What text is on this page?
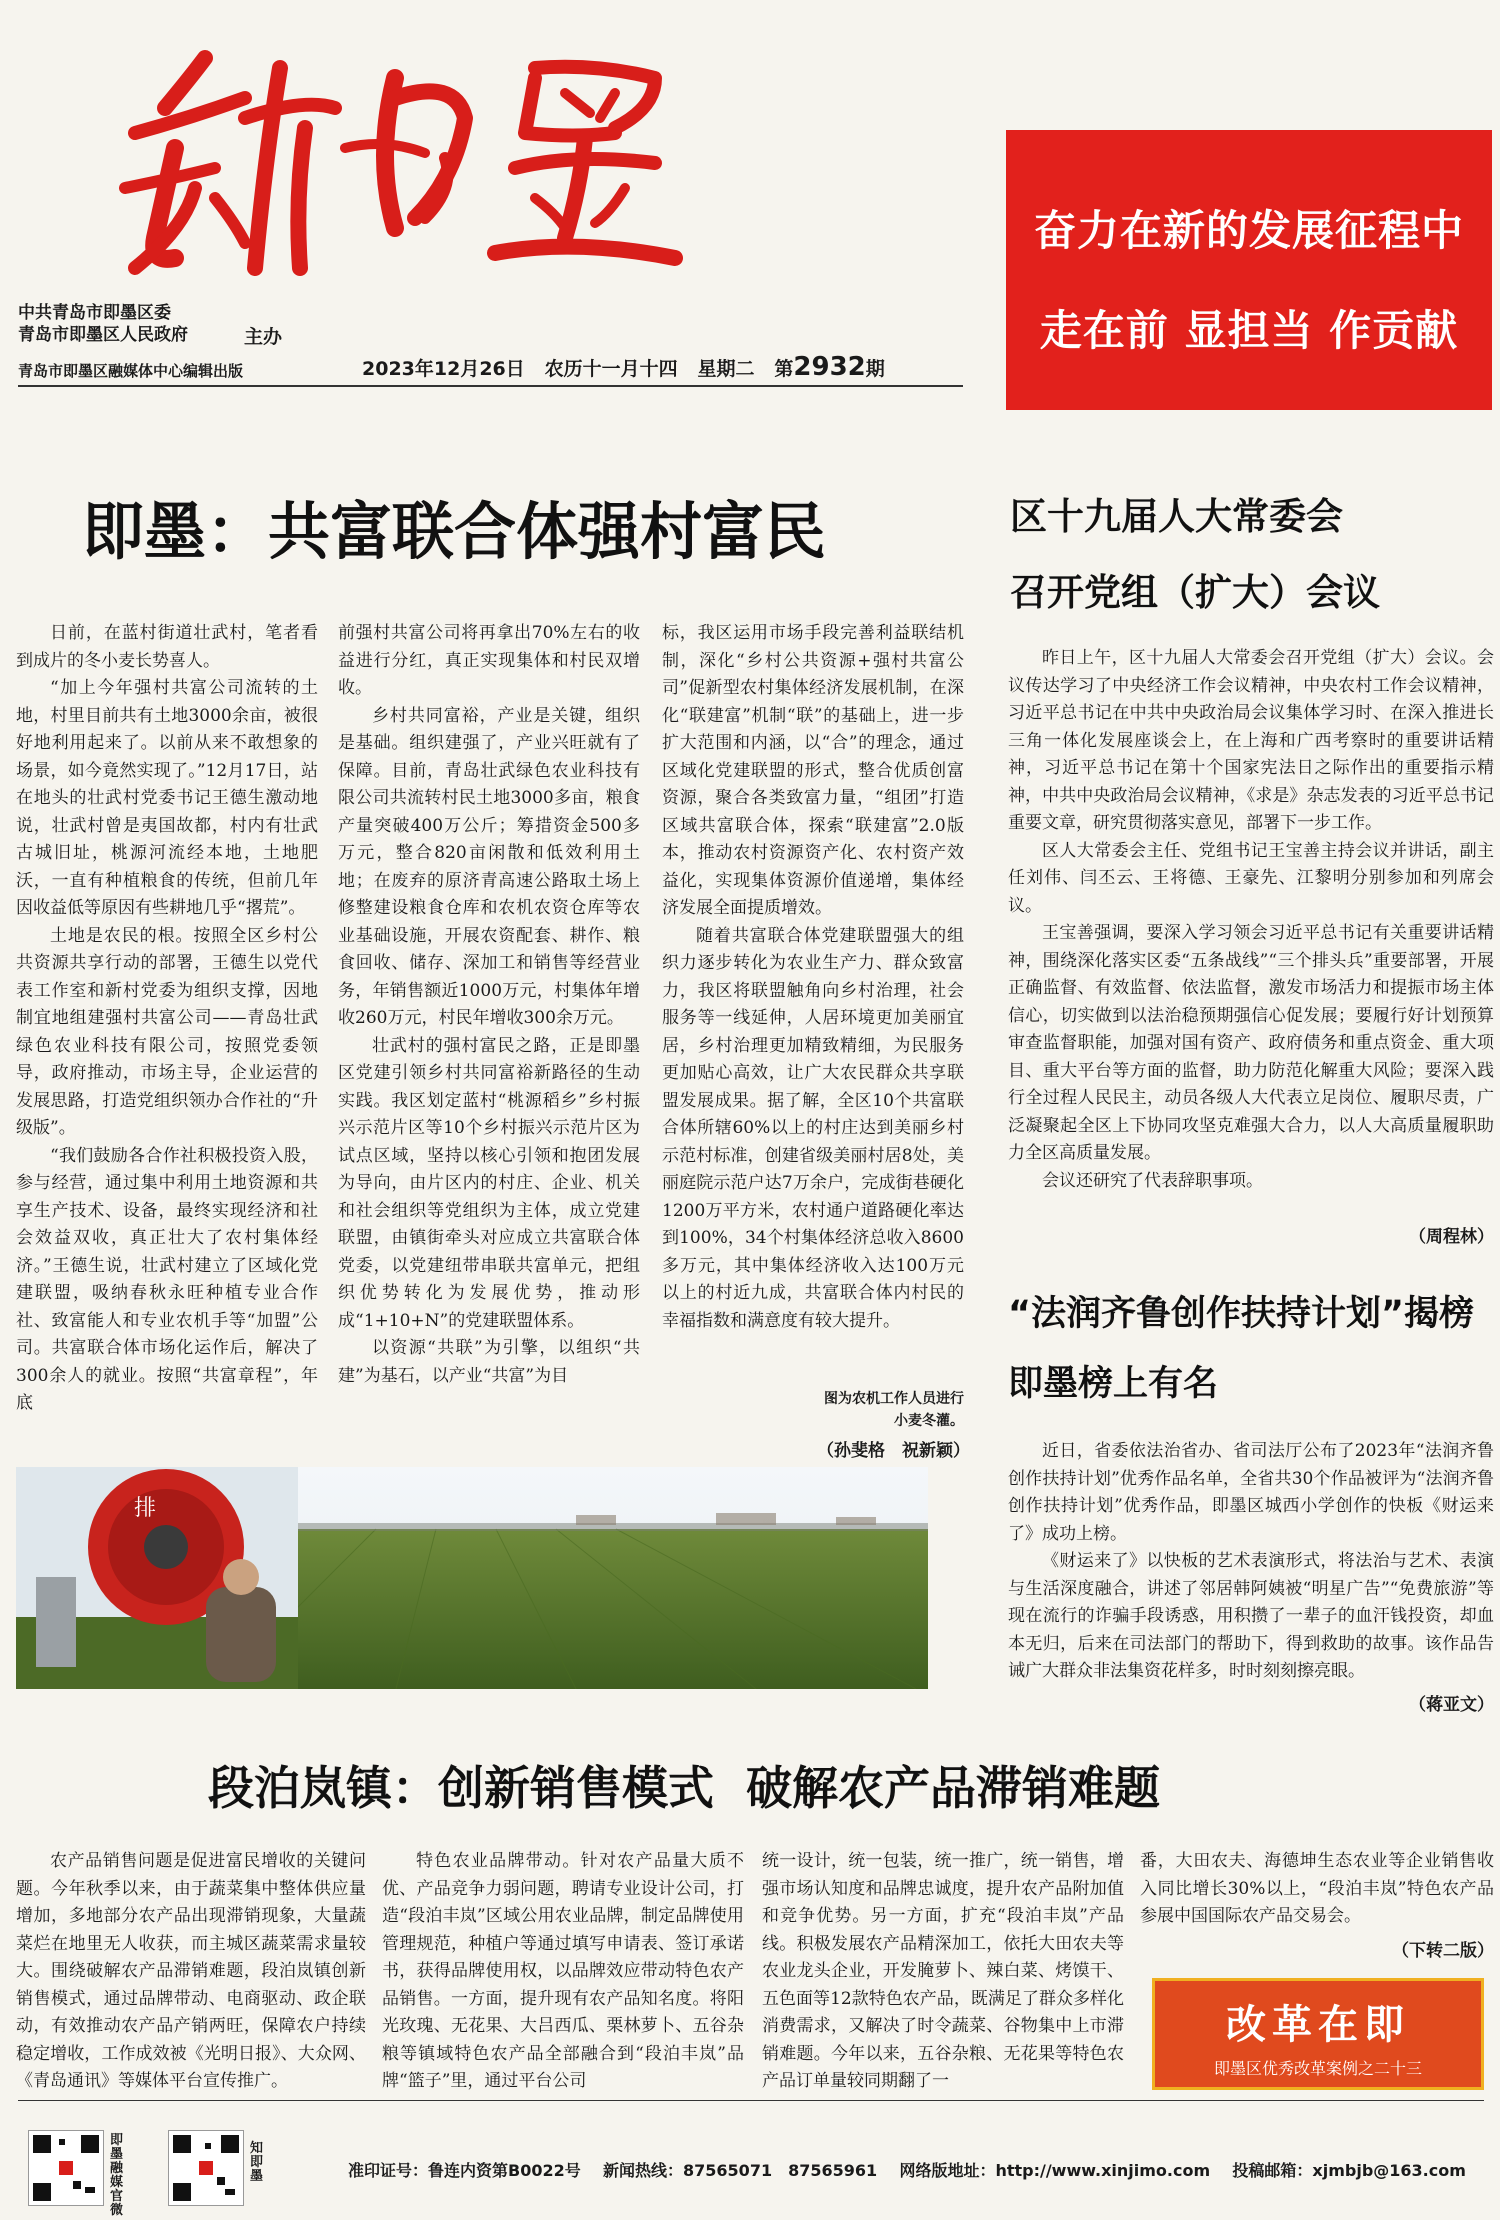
中共青岛市即墨区委
青岛市即墨区人民政府	主办
青岛市即墨区融媒体中心编辑出版	2023年12月26日 农历十一月十四 星期二 第2932期
奋力在新的发展征程中
走在前 显担当 作贡献
即墨：共富联合体强村富民

日前，在蓝村街道壮武村，笔者看到成片的冬小麦长势喜人。

“加上今年强村共富公司流转的土地，村里目前共有土地3000余亩，被很好地利用起来了。以前从来不敢想象的场景，如今竟然实现了。”12月17日，站在地头的壮武村党委书记王德生激动地说，壮武村曾是夷国故都，村内有壮武古城旧址，桃源河流经本地，土地肥沃，一直有种植粮食的传统，但前几年因收益低等原因有些耕地几乎“撂荒”。

土地是农民的根。按照全区乡村公共资源共享行动的部署，王德生以党代表工作室和新村党委为组织支撑，因地制宜地组建强村共富公司——青岛壮武绿色农业科技有限公司，按照党委领导，政府推动，市场主导，企业运营的发展思路，打造党组织领办合作社的“升级版”。

“我们鼓励各合作社积极投资入股，参与经营，通过集中利用土地资源和共享生产技术、设备，最终实现经济和社会效益双收，真正壮大了农村集体经济。”王德生说，壮武村建立了区域化党建联盟，吸纳春秋永旺种植专业合作社、致富能人和专业农机手等“加盟”公司。共富联合体市场化运作后，解决了300余人的就业。按照“共富章程”，年底

前强村共富公司将再拿出70%左右的收益进行分红，真正实现集体和村民双增收。

乡村共同富裕，产业是关键，组织是基础。组织建强了，产业兴旺就有了保障。目前，青岛壮武绿色农业科技有限公司共流转村民土地3000多亩，粮食产量突破400万公斤；筹措资金500多万元，整合820亩闲散和低效利用土地；在废弃的原济青高速公路取土场上修整建设粮食仓库和农机农资仓库等农业基础设施，开展农资配套、耕作、粮食回收、储存、深加工和销售等经营业务，年销售额近1000万元，村集体年增收260万元，村民年增收300余万元。

壮武村的强村富民之路，正是即墨区党建引领乡村共同富裕新路径的生动实践。我区划定蓝村“桃源稻乡”乡村振兴示范片区等10个乡村振兴示范片区为试点区域，坚持以核心引领和抱团发展为导向，由片区内的村庄、企业、机关和社会组织等党组织为主体，成立党建联盟，由镇街牵头对应成立共富联合体党委，以党建纽带串联共富单元，把组织优势转化为发展优势，推动形成“1+10+N”的党建联盟体系。

以资源“共联”为引擎，以组织“共建”为基石，以产业“共富”为目

标，我区运用市场手段完善利益联结机制，深化“乡村公共资源+强村共富公司”促新型农村集体经济发展机制，在深化“联建富”机制“联”的基础上，进一步扩大范围和内涵，以“合”的理念，通过区域化党建联盟的形式，整合优质创富资源，聚合各类致富力量，“组团”打造区域共富联合体，探索“联建富”2.0版本，推动农村资源资产化、农村资产效益化，实现集体资源价值递增，集体经济发展全面提质增效。

随着共富联合体党建联盟强大的组织力逐步转化为农业生产力、群众致富力，我区将联盟触角向乡村治理，社会服务等一线延伸，人居环境更加美丽宜居，乡村治理更加精致精细，为民服务更加贴心高效，让广大农民群众共享联盟发展成果。据了解，全区10个共富联合体所辖60%以上的村庄达到美丽乡村示范村标准，创建省级美丽村居8处，美丽庭院示范户达7万余户，完成街巷硬化1200万平方米，农村通户道路硬化率达到100%，34个村集体经济总收入8600多万元，其中集体经济收入达100万元以上的村近九成，共富联合体内村民的幸福指数和满意度有较大提升。

图为农机工作人员进行小麦冬灌。
（孙斐格　祝新颖）
排
区十九届人大常委会
召开党组（扩大）会议

昨日上午，区十九届人大常委会召开党组（扩大）会议。会议传达学习了中央经济工作会议精神，中央农村工作会议精神，习近平总书记在中共中央政治局会议集体学习时、在深入推进长三角一体化发展座谈会上，在上海和广西考察时的重要讲话精神，习近平总书记在第十个国家宪法日之际作出的重要指示精神，中共中央政治局会议精神，《求是》杂志发表的习近平总书记重要文章，研究贯彻落实意见，部署下一步工作。

区人大常委会主任、党组书记王宝善主持会议并讲话，副主任刘伟、闫丕云、王将德、王豪先、江黎明分别参加和列席会议。

王宝善强调，要深入学习领会习近平总书记有关重要讲话精神，围绕深化落实区委“五条战线”“三个排头兵”重要部署，开展正确监督、有效监督、依法监督，激发市场活力和提振市场主体信心，切实做到以法治稳预期强信心促发展；要履行好计划预算审查监督职能，加强对国有资产、政府债务和重点资金、重大项目、重大平台等方面的监督，助力防范化解重大风险；要深入践行全过程人民民主，动员各级人大代表立足岗位、履职尽责，广泛凝聚起全区上下协同攻坚克难强大合力，以人大高质量履职助力全区高质量发展。

会议还研究了代表辞职事项。

（周程林）
“法润齐鲁创作扶持计划”揭榜
即墨榜上有名

近日，省委依法治省办、省司法厅公布了2023年“法润齐鲁创作扶持计划”优秀作品名单，全省共30个作品被评为“法润齐鲁创作扶持计划”优秀作品，即墨区城西小学创作的快板《财运来了》成功上榜。

《财运来了》以快板的艺术表演形式，将法治与艺术、表演与生活深度融合，讲述了邻居韩阿姨被“明星广告”“免费旅游”等现在流行的诈骗手段诱惑，用积攒了一辈子的血汗钱投资，却血本无归，后来在司法部门的帮助下，得到救助的故事。该作品告诫广大群众非法集资花样多，时时刻刻擦亮眼。

（蒋亚文）
段泊岚镇：创新销售模式 破解农产品滞销难题

农产品销售问题是促进富民增收的关键问题。今年秋季以来，由于蔬菜集中整体供应量增加，多地部分农产品出现滞销现象，大量蔬菜烂在地里无人收获，而主城区蔬菜需求量较大。围绕破解农产品滞销难题，段泊岚镇创新销售模式，通过品牌带动、电商驱动、政企联动，有效推动农产品产销两旺，保障农户持续稳定增收，工作成效被《光明日报》、大众网、《青岛通讯》等媒体平台宣传推广。

特色农业品牌带动。针对农产品量大质不优、产品竞争力弱问题，聘请专业设计公司，打造“段泊丰岚”区域公用农业品牌，制定品牌使用管理规范，种植户等通过填写申请表、签订承诺书，获得品牌使用权，以品牌效应带动特色农产品销售。一方面，提升现有农产品知名度。将阳光玫瑰、无花果、大吕西瓜、栗林萝卜、五谷杂粮等镇域特色农产品全部融合到“段泊丰岚”品牌“篮子”里，通过平台公司

统一设计，统一包装，统一推广，统一销售，增强市场认知度和品牌忠诚度，提升农产品附加值和竞争优势。另一方面，扩充“段泊丰岚”产品线。积极发展农产品精深加工，依托大田农夫等农业龙头企业，开发腌萝卜、辣白菜、烤馍干、五色面等12款特色农产品，既满足了群众多样化消费需求，又解决了时令蔬菜、谷物集中上市滞销难题。今年以来，五谷杂粮、无花果等特色农产品订单量较同期翻了一

番，大田农夫、海德坤生态农业等企业销售收入同比增长30%以上，“段泊丰岚”特色农产品参展中国国际农产品交易会。

（下转二版）
改革在即
即墨区优秀改革案例之二十三
即墨融媒官微
知即墨	准印证号：鲁连内资第B0022号 新闻热线：87565071　87565961 网络版地址：http://www.xinjimo.com 投稿邮箱：xjmbjb@163.com
